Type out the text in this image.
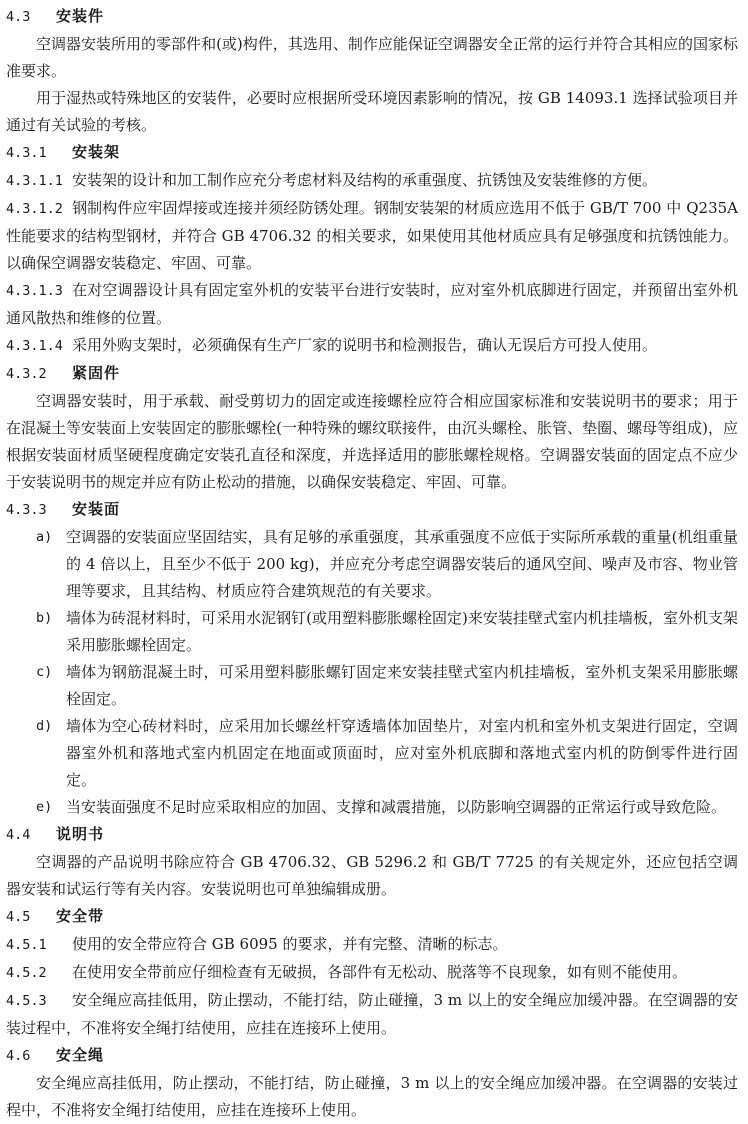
4.3 安装件

空调器安装所用的零部件和(或)构件，其选用、制作应能保证空调器安全正常的运行并符合其相应的国家标准要求。

用于湿热或特殊地区的安装件，必要时应根据所受环境因素影响的情况，按 GB 14093.1 选择试验项目并通过有关试验的考核。

4.3.1 安装架

4.3.1.1 安装架的设计和加工制作应充分考虑材料及结构的承重强度、抗锈蚀及安装维修的方便。

4.3.1.2 钢制构件应牢固焊接或连接并须经防锈处理。钢制安装架的材质应选用不低于 GB/T 700 中 Q235A 性能要求的结构型钢材，并符合 GB 4706.32 的相关要求，如果使用其他材质应具有足够强度和抗锈蚀能力。以确保空调器安装稳定、牢固、可靠。

4.3.1.3 在对空调器设计具有固定室外机的安装平台进行安装时，应对室外机底脚进行固定，并预留出室外机通风散热和维修的位置。

4.3.1.4 采用外购支架时，必须确保有生产厂家的说明书和检测报告，确认无误后方可投人使用。

4.3.2 紧固件

空调器安装时，用于承载、耐受剪切力的固定或连接螺栓应符合相应国家标准和安装说明书的要求；用于在混凝土等安装面上安装固定的膨胀螺栓(一种特殊的螺纹联接件，由沉头螺栓、胀管、垫圈、螺母等组成)，应根据安装面材质坚硬程度确定安装孔直径和深度，并选择适用的膨胀螺栓规格。空调器安装面的固定点不应少于安装说明书的规定并应有防止松动的措施，以确保安装稳定、牢固、可靠。

4.3.3 安装面
a) 空调器的安装面应坚固结实，具有足够的承重强度，其承重强度不应低于实际所承载的重量(机组重量的 4 倍以上，且至少不低于 200 kg)，并应充分考虑空调器安装后的通风空间、噪声及市容、物业管理等要求，且其结构、材质应符合建筑规范的有关要求。
b) 墙体为砖混材料时，可采用水泥钢钉(或用塑料膨胀螺栓固定)来安装挂壁式室内机挂墙板，室外机支架采用膨胀螺栓固定。
c) 墙体为钢筋混凝土时，可采用塑料膨胀螺钉固定来安装挂壁式室内机挂墙板，室外机支架采用膨胀螺栓固定。
d) 墙体为空心砖材料时，应采用加长螺丝杆穿透墙体加固垫片，对室内机和室外机支架进行固定，空调器室外机和落地式室内机固定在地面或顶面时，应对室外机底脚和落地式室内机的防倒零件进行固定。
e) 当安装面强度不足时应采取相应的加固、支撑和减震措施，以防影响空调器的正常运行或导致危险。
4.4 说明书

空调器的产品说明书除应符合 GB 4706.32、GB 5296.2 和 GB/T 7725 的有关规定外，还应包括空调器安装和试运行等有关内容。安装说明也可单独编辑成册。

4.5 安全带

4.5.1 使用的安全带应符合 GB 6095 的要求，并有完整、清晰的标志。

4.5.2 在使用安全带前应仔细检查有无破损，各部件有无松动、脱落等不良现象，如有则不能使用。

4.5.3 安全绳应高挂低用，防止摆动，不能打结，防止碰撞，3 m 以上的安全绳应加缓冲器。在空调器的安装过程中，不准将安全绳打结使用，应挂在连接环上使用。

4.6 安全绳

安全绳应高挂低用，防止摆动，不能打结，防止碰撞，3 m 以上的安全绳应加缓冲器。在空调器的安装过程中，不准将安全绳打结使用，应挂在连接环上使用。
